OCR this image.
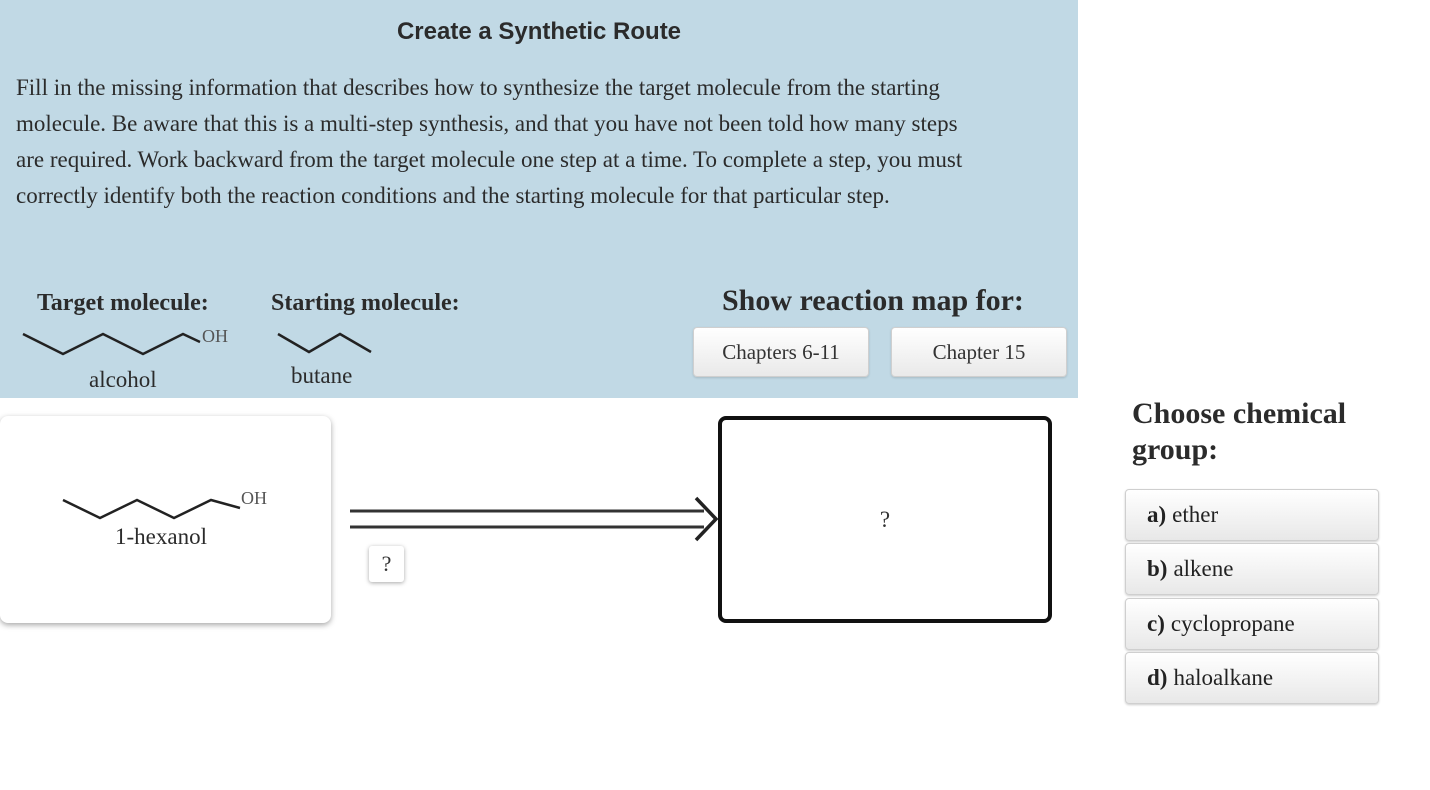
Create a Synthetic Route

Fill in the missing information that describes how to synthesize the target molecule from the starting molecule. Be aware that this is a multi-step synthesis, and that you have not been told how many steps are required. Work backward from the target molecule one step at a time. To complete a step, you must correctly identify both the reaction conditions and the starting molecule for that particular step.

Target molecule:
OH
alcohol
Starting molecule:
butane
Show reaction map for:
Chapters 6-11	Chapter 15
OH
1-hexanol
?
?
Choose chemical group:
a) ether
b) alkene
c) cyclopropane
d) haloalkane
